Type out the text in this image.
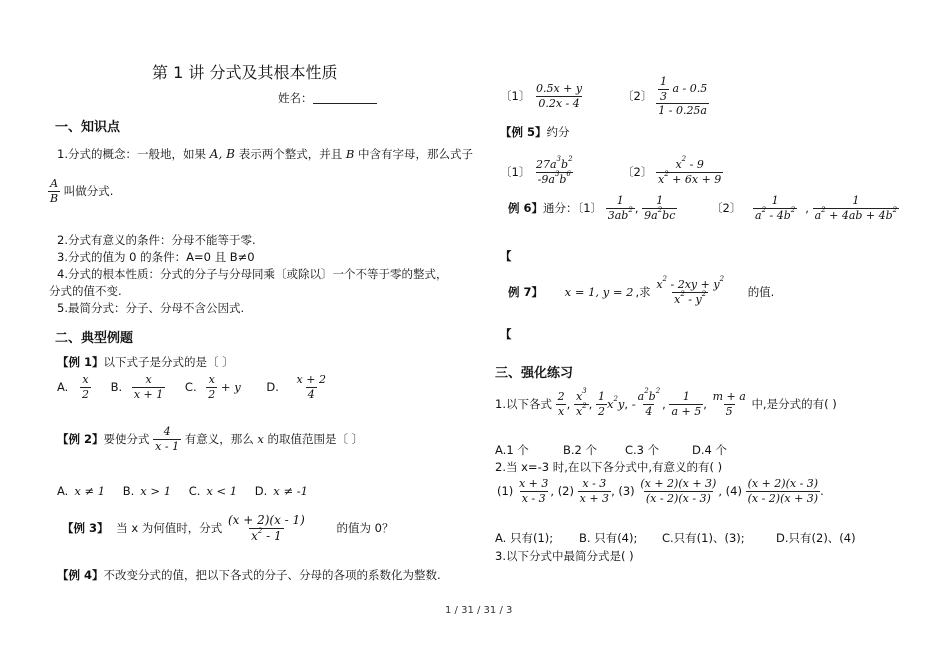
第 1 讲 分式及其根本性质
姓名：
一、知识点
1.分式的概念：一般地，如果 A, B 表示两个整式，并且 B 中含有字母，那么式子
$\frac{A}{B}$ 叫做分式.
2.分式有意义的条件：分母不能等于零.
3.分式的值为 0 的条件：A=0 且 B≠0
4.分式的根本性质：分式的分子与分母同乘〔或除以〕一个不等于零的整式，
分式的值不变.
5.最简分式：分子、分母不含公因式.
二、典型例题
【例 1】以下式子是分式的是〔 〕
A. $\frac{x}{2} B$. $\frac{x}{x + 1} C$. $\frac{x}{2} + y$ D. $\frac{x + 2}{4}$
【例 2】要使分式 $\frac{4}{x - 1}$ 有意义，那么 x 的取值范围是〔 〕
A. x ≠ 1 B. x > 1 C. x < 1 D. x ≠ -1
【例 3】 当 x 为何值时，分式 $\frac{(x + 2)(x - 1)}{x^2 - 1}$	的值为 0？
【例 4】不改变分式的值，把以下各式的分子、分母的各项的系数化为整数.
〔1〕 $\frac{0.5x + y}{0.2x - 4}$	〔2〕 $\frac{\frac{1}{3} a - 0.5}{1 - 0.25a}$
【例 5】约分
〔1〕 $\frac{27a^3b^2}{-9a^3b^6}$	〔2〕 $\frac{x^2 - 9}{x^2 + 6x + 9}$
例 6】通分：〔1〕 $\frac{1}{3ab^2}$ , $\frac{1}{9a^2bc}$	〔2〕 $\frac{1}{a^2 - 4b^2}$ , $\frac{1}{a^2 + 4ab + 4b^2}$
【
例 7】 x = 1, y = 2 ,求 $\frac{x^2 - 2xy + y^2}{x^2 - y^2}$ 的值.
【
三、强化练习
1.以下各式 $\frac{2}{x}$ , $\frac{x^3}{x^2}$ , $\frac{1}{2} x^2y$, - $\frac{a^2b^2}{4}$ , $\frac{1}{a + 5}$ , $\frac{m + a}{5}$ 中,是分式的有( )
A.1 个	B.2 个 C.3 个	D.4 个
2.当 x=-3 时,在以下各分式中,有意义的有( )
$(1) \frac{x + 3}{x - 3}$ , $(2) \frac{x - 3}{x + 3}$ , $(3) \frac{(x + 2)(x + 3)}{(x - 2)(x - 3)}$ , $(4) \frac{(x + 2)(x - 3)}{(x - 2)(x + 3)}$ .
A. 只有(1); B. 只有(4); C.只有(1)、(3);	D.只有(2)、(4)
3.以下分式中最简分式是( )
1 / 31 / 31 / 3
